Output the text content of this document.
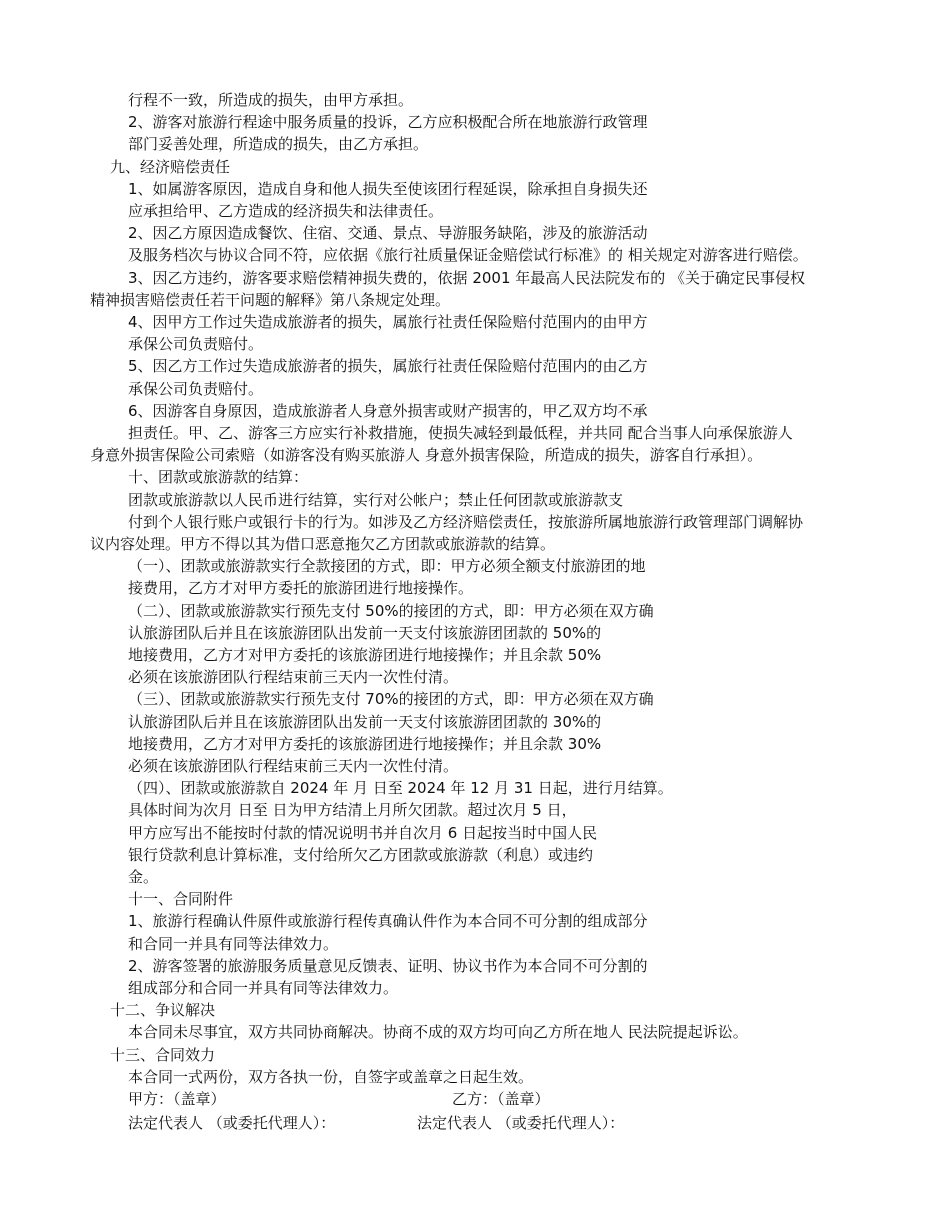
行程不一致，所造成的损失，由甲方承担。
2、游客对旅游行程途中服务质量的投诉，乙方应积极配合所在地旅游行政管理
部门妥善处理，所造成的损失，由乙方承担。
九、经济赔偿责任
1、如属游客原因，造成自身和他人损失至使该团行程延误，除承担自身损失还
应承担给甲、乙方造成的经济损失和法律责任。
2、因乙方原因造成餐饮、住宿、交通、景点、导游服务缺陷，涉及的旅游活动
及服务档次与协议合同不符，应依据《旅行社质量保证金赔偿试行标准》的 相关规定对游客进行赔偿。
3、因乙方违约，游客要求赔偿精神损失费的，依据 2001 年最高人民法院发布的 《关于确定民事侵权
精神损害赔偿责任若干问题的解释》第八条规定处理。
4、因甲方工作过失造成旅游者的损失，属旅行社责任保险赔付范围内的由甲方
承保公司负责赔付。
5、因乙方工作过失造成旅游者的损失，属旅行社责任保险赔付范围内的由乙方
承保公司负责赔付。
6、因游客自身原因，造成旅游者人身意外损害或财产损害的，甲乙双方均不承
担责任。甲、乙、游客三方应实行补救措施，使损失减轻到最低程，并共同 配合当事人向承保旅游人
身意外损害保险公司索赔（如游客没有购买旅游人 身意外损害保险，所造成的损失，游客自行承担）。
十、团款或旅游款的结算：
团款或旅游款以人民币进行结算，实行对公帐户；禁止任何团款或旅游款支
付到个人银行账户或银行卡的行为。如涉及乙方经济赔偿责任，按旅游所属地旅游行政管理部门调解协
议内容处理。甲方不得以其为借口恶意拖欠乙方团款或旅游款的结算。
（一）、团款或旅游款实行全款接团的方式，即：甲方必须全额支付旅游团的地
接费用，乙方才对甲方委托的旅游团进行地接操作。
（二）、团款或旅游款实行预先支付 50%的接团的方式，即：甲方必须在双方确
认旅游团队后并且在该旅游团队出发前一天支付该旅游团团款的 50%的
地接费用，乙方才对甲方委托的该旅游团进行地接操作；并且余款 50%
必须在该旅游团队行程结束前三天内一次性付清。
（三）、团款或旅游款实行预先支付 70%的接团的方式，即：甲方必须在双方确
认旅游团队后并且在该旅游团队出发前一天支付该旅游团团款的 30%的
地接费用，乙方才对甲方委托的该旅游团进行地接操作；并且余款 30%
必须在该旅游团队行程结束前三天内一次性付清。
（四）、团款或旅游款自 2024 年 月 日至 2024 年 12 月 31 日起，进行月结算。
具体时间为次月 日至 日为甲方结清上月所欠团款。超过次月 5 日，
甲方应写出不能按时付款的情况说明书并自次月 6 日起按当时中国人民
银行贷款利息计算标准，支付给所欠乙方团款或旅游款（利息）或违约
金。
十一、合同附件
1、旅游行程确认件原件或旅游行程传真确认件作为本合同不可分割的组成部分
和合同一并具有同等法律效力。
2、游客签署的旅游服务质量意见反馈表、证明、协议书作为本合同不可分割的
组成部分和合同一并具有同等法律效力。
十二、争议解决
本合同未尽事宜，双方共同协商解决。协商不成的双方均可向乙方所在地人 民法院提起诉讼。
十三、合同效力
本合同一式两份，双方各执一份，自签字或盖章之日起生效。
甲方：（盖章）	乙方：（盖章）
法定代表人 （或委托代理人）：	法定代表人 （或委托代理人）：
